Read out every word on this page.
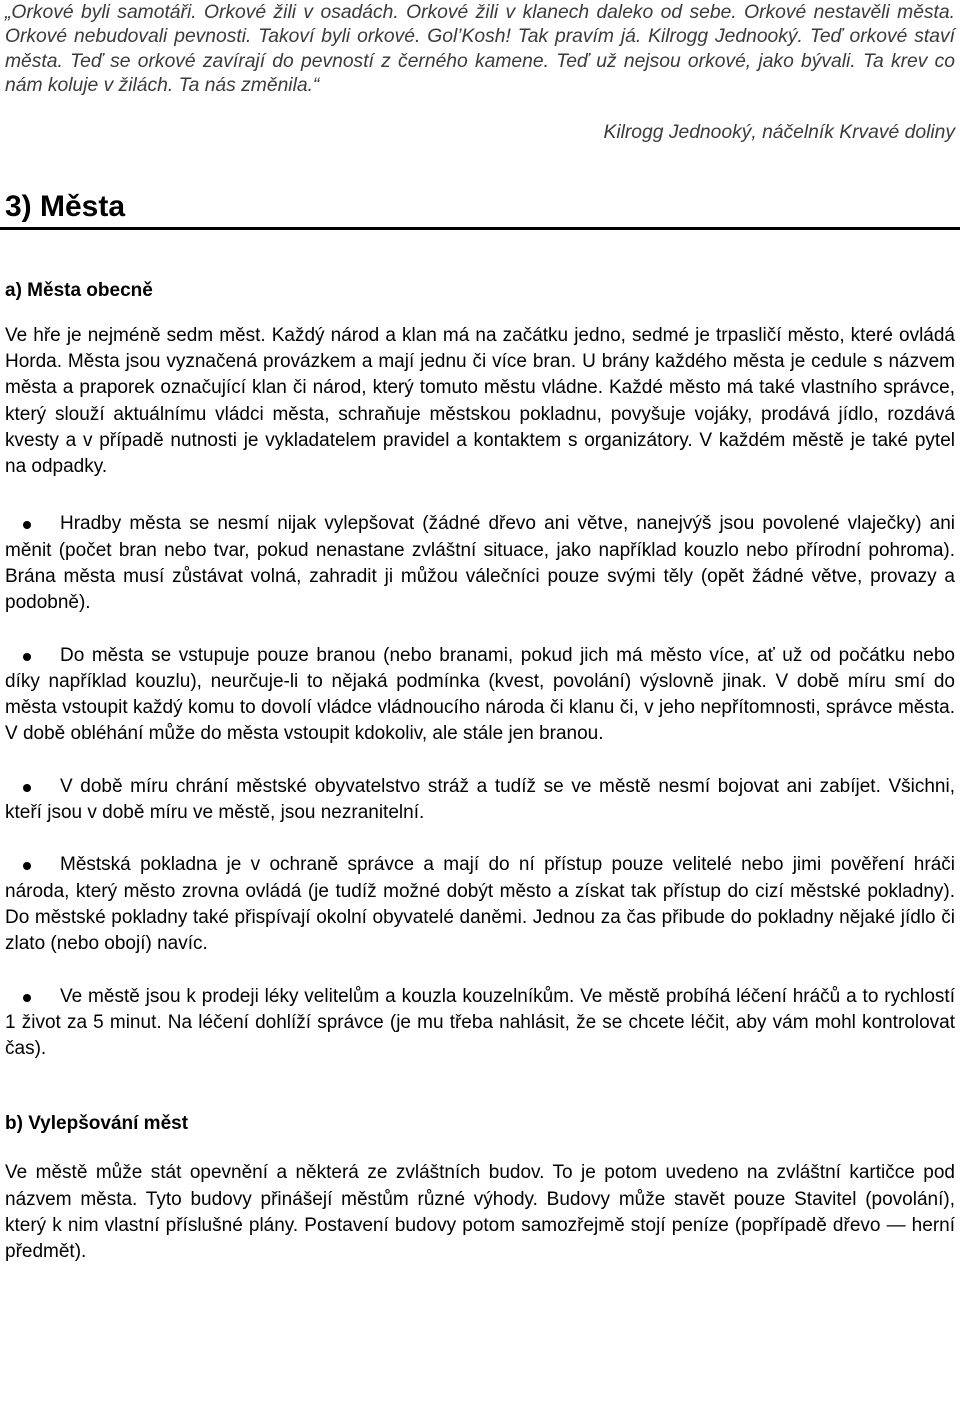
„Orkové byli samotáři. Orkové žili v osadách. Orkové žili v klanech daleko od sebe. Orkové nestavěli města. Orkové nebudovali pevnosti. Takoví byli orkové. Gol’Kosh! Tak pravím já. Kilrogg Jednooký. Teď orkové staví města. Teď se orkové zavírají do pevností z černého kamene. Teď už nejsou orkové, jako bývali. Ta krev co nám koluje v žilách. Ta nás změnila.“

Kilrogg Jednooký, náčelník Krvavé doliny

3) Města
a) Města obecně

Ve hře je nejméně sedm měst. Každý národ a klan má na začátku jedno, sedmé je trpasličí město, které ovládá Horda. Města jsou vyznačená provázkem a mají jednu či více bran. U brány každého města je cedule s názvem města a praporek označující klan či národ, který tomuto městu vládne. Každé město má také vlastního správce, který slouží aktuálnímu vládci města, schraňuje městskou pokladnu, povyšuje vojáky, prodává jídlo, rozdává kvesty a v případě nutnosti je vykladatelem pravidel a kontaktem s organizátory. V každém městě je také pytel na odpadky.

Hradby města se nesmí nijak vylepšovat (žádné dřevo ani větve, nanejvýš jsou povolené vlaječky) ani měnit (počet bran nebo tvar, pokud nenastane zvláštní situace, jako například kouzlo nebo přírodní pohroma). Brána města musí zůstávat volná, zahradit ji můžou válečníci pouze svými těly (opět žádné větve, provazy a podobně).

Do města se vstupuje pouze branou (nebo branami, pokud jich má město více, ať už od počátku nebo díky například kouzlu), neurčuje-li to nějaká podmínka (kvest, povolání) výslovně jinak. V době míru smí do města vstoupit každý komu to dovolí vládce vládnoucího národa či klanu či, v jeho nepřítomnosti, správce města. V době obléhání může do města vstoupit kdokoliv, ale stále jen branou.

V době míru chrání městské obyvatelstvo stráž a tudíž se ve městě nesmí bojovat ani zabíjet. Všichni, kteří jsou v době míru ve městě, jsou nezranitelní.

Městská pokladna je v ochraně správce a mají do ní přístup pouze velitelé nebo jimi pověření hráči národa, který město zrovna ovládá (je tudíž možné dobýt město a získat tak přístup do cizí městské pokladny). Do městské pokladny také přispívají okolní obyvatelé daněmi. Jednou za čas přibude do pokladny nějaké jídlo či zlato (nebo obojí) navíc.

Ve městě jsou k prodeji léky velitelům a kouzla kouzelníkům. Ve městě probíhá léčení hráčů a to rychlostí 1 život za 5 minut. Na léčení dohlíží správce (je mu třeba nahlásit, že se chcete léčit, aby vám mohl kontrolovat čas).

b) Vylepšování měst

Ve městě může stát opevnění a některá ze zvláštních budov. To je potom uvedeno na zvláštní kartičce pod názvem města. Tyto budovy přinášejí městům různé výhody. Budovy může stavět pouze Stavitel (povolání), který k nim vlastní příslušné plány. Postavení budovy potom samozřejmě stojí peníze (popřípadě dřevo — herní předmět).
